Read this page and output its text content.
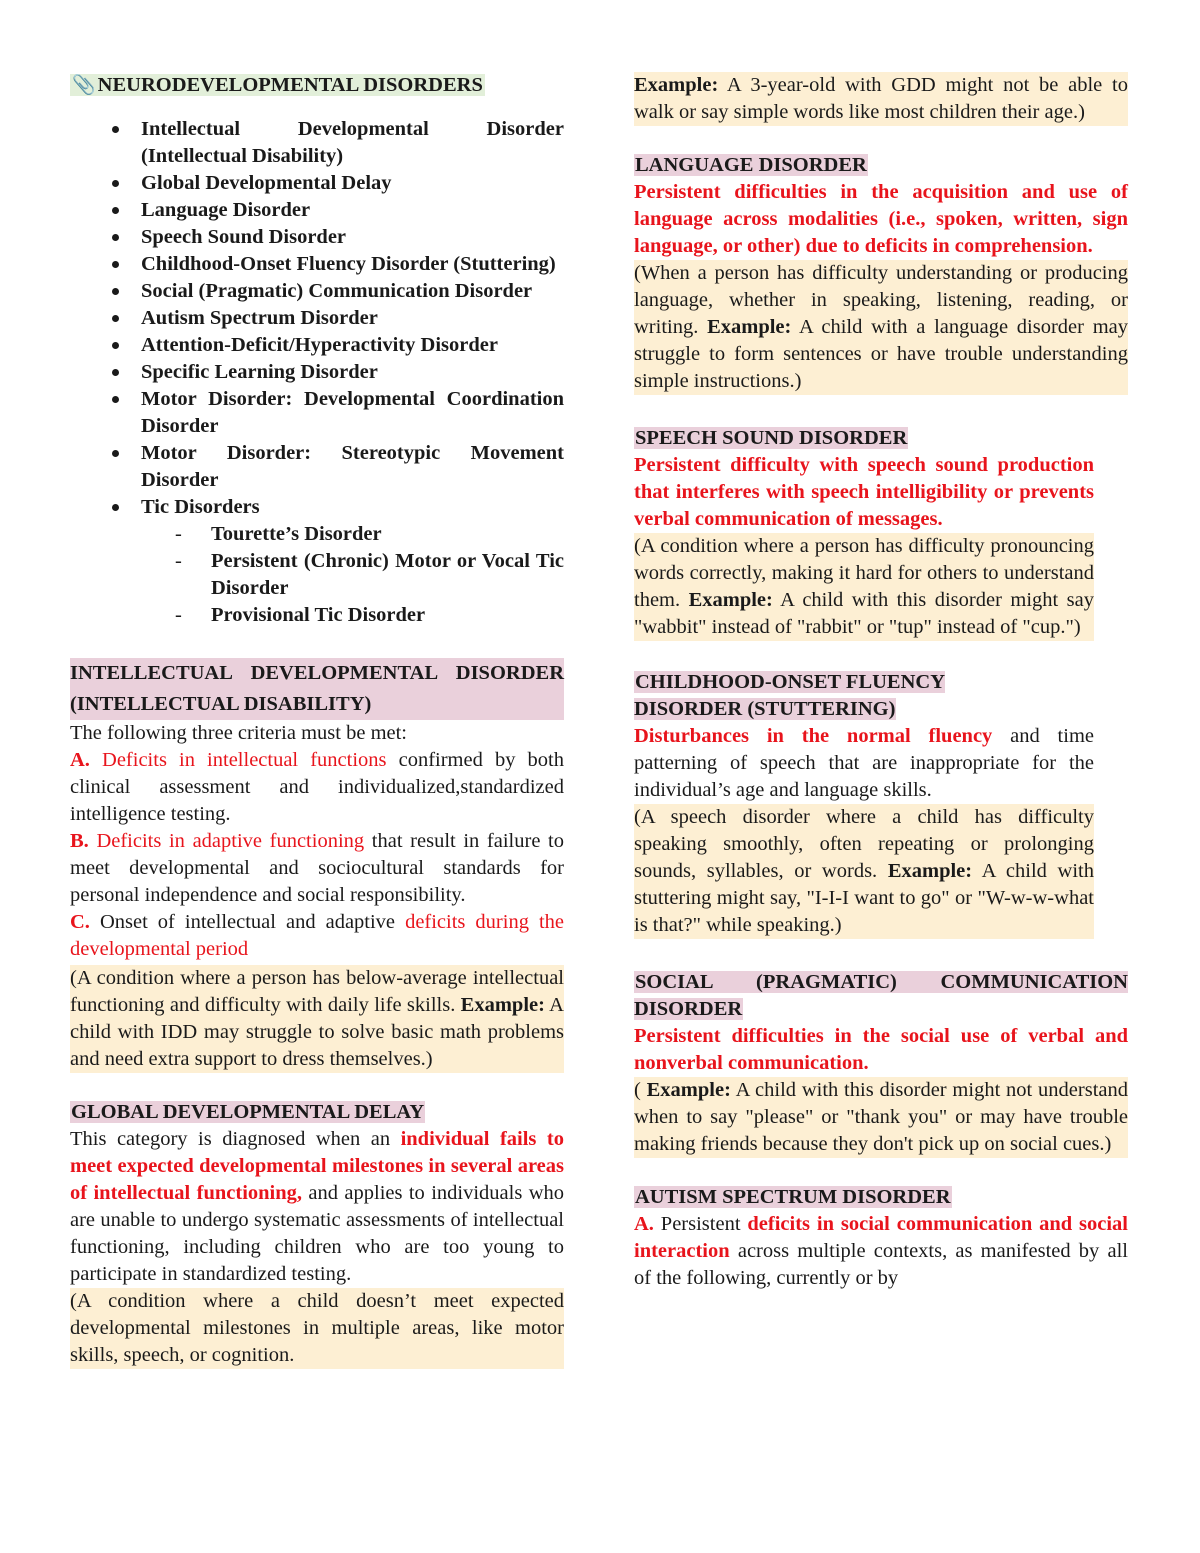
📎NEURODEVELOPMENTAL DISORDERS
Intellectual Developmental Disorder (Intellectual Disability)
Global Developmental Delay
Language Disorder
Speech Sound Disorder
Childhood-Onset Fluency Disorder (Stuttering)
Social (Pragmatic) Communication Disorder
Autism Spectrum Disorder
Attention-Deficit/Hyperactivity Disorder
Specific Learning Disorder
Motor Disorder: Developmental Coordination Disorder
Motor Disorder: Stereotypic Movement Disorder
Tic Disorders
- Tourette’s Disorder
- Persistent (Chronic) Motor or Vocal Tic Disorder
- Provisional Tic Disorder
INTELLECTUAL DEVELOPMENTAL DISORDER (INTELLECTUAL DISABILITY)
The following three criteria must be met:
A. Deficits in intellectual functions confirmed by both clinical assessment and individualized,standardized intelligence testing.
B. Deficits in adaptive functioning that result in failure to meet developmental and sociocultural standards for personal independence and social responsibility.
C. Onset of intellectual and adaptive deficits during the developmental period
(A condition where a person has below-average intellectual functioning and difficulty with daily life skills. Example: A child with IDD may struggle to solve basic math problems and need extra support to dress themselves.)
GLOBAL DEVELOPMENTAL DELAY
This category is diagnosed when an individual fails to meet expected developmental milestones in several areas of intellectual functioning, and applies to individuals who are unable to undergo systematic assessments of intellectual functioning, including children who are too young to participate in standardized testing.
(A condition where a child doesn’t meet expected developmental milestones in multiple areas, like motor skills, speech, or cognition.
Example: A 3-year-old with GDD might not be able to walk or say simple words like most children their age.)
LANGUAGE DISORDER
Persistent difficulties in the acquisition and use of language across modalities (i.e., spoken, written, sign language, or other) due to deficits in comprehension.
(When a person has difficulty understanding or producing language, whether in speaking, listening, reading, or writing. Example: A child with a language disorder may struggle to form sentences or have trouble understanding simple instructions.)
SPEECH SOUND DISORDER
Persistent difficulty with speech sound production that interferes with speech intelligibility or prevents verbal communication of messages.
(A condition where a person has difficulty pronouncing words correctly, making it hard for others to understand them. Example: A child with this disorder might say "wabbit" instead of "rabbit" or "tup" instead of "cup.")
CHILDHOOD-ONSET FLUENCY DISORDER (STUTTERING)
Disturbances in the normal fluency and time patterning of speech that are inappropriate for the individual’s age and language skills.
(A speech disorder where a child has difficulty speaking smoothly, often repeating or prolonging sounds, syllables, or words. Example: A child with stuttering might say, "I-I-I want to go" or "W-w-w-what is that?" while speaking.)
SOCIAL (PRAGMATIC) COMMUNICATION DISORDER
Persistent difficulties in the social use of verbal and nonverbal communication.
( Example: A child with this disorder might not understand when to say "please" or "thank you" or may have trouble making friends because they don't pick up on social cues.)
AUTISM SPECTRUM DISORDER
A. Persistent deficits in social communication and social interaction across multiple contexts, as manifested by all of the following, currently or by
